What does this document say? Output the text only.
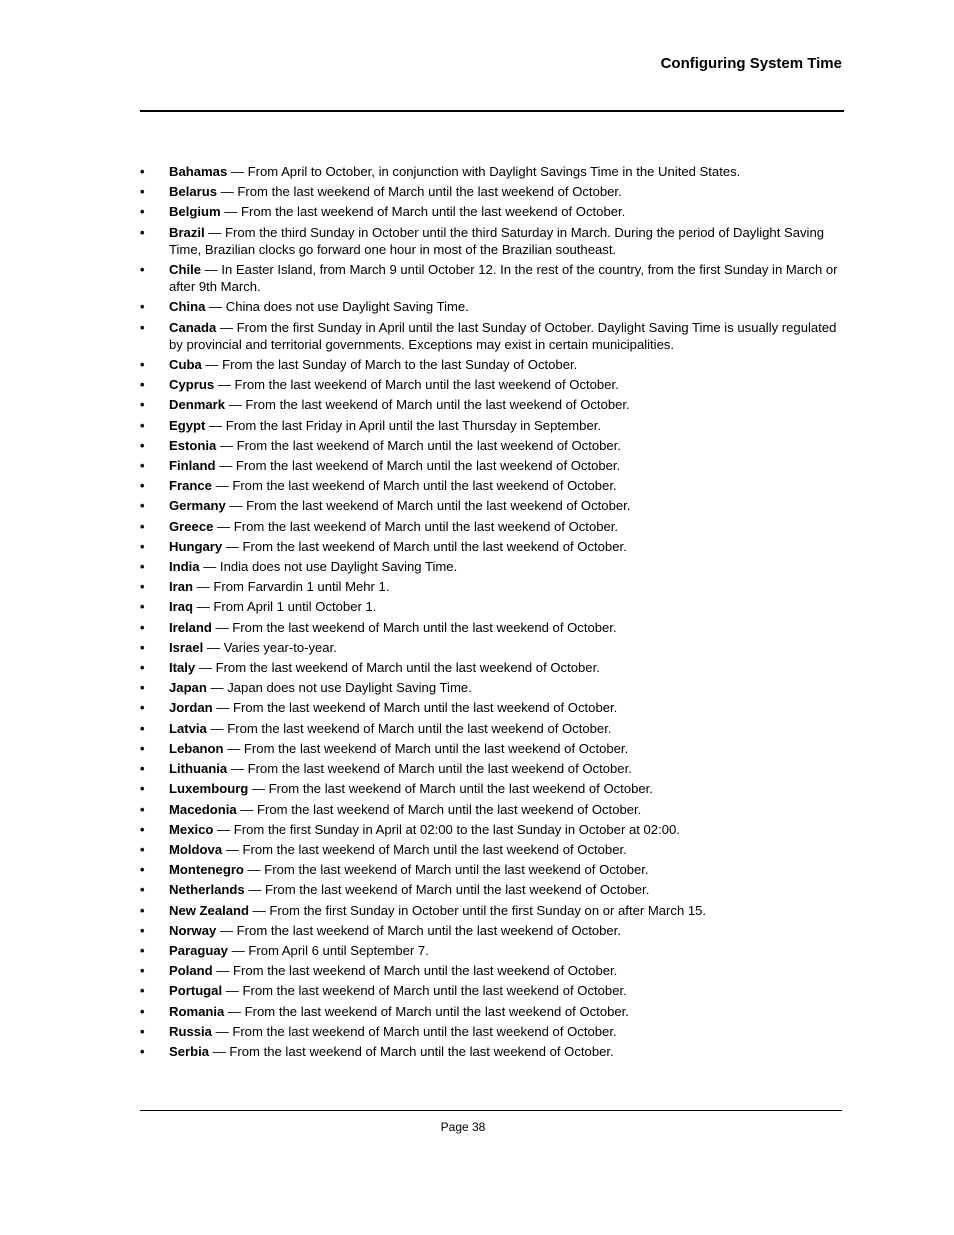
Configuring System Time
• Bahamas — From April to October, in conjunction with Daylight Savings Time in the United States.
• Belarus — From the last weekend of March until the last weekend of October.
• Belgium — From the last weekend of March until the last weekend of October.
• Brazil — From the third Sunday in October until the third Saturday in March. During the period of Daylight Saving Time, Brazilian clocks go forward one hour in most of the Brazilian southeast.
• Chile — In Easter Island, from March 9 until October 12. In the rest of the country, from the first Sunday in March or after 9th March.
• China — China does not use Daylight Saving Time.
• Canada — From the first Sunday in April until the last Sunday of October. Daylight Saving Time is usually regulated by provincial and territorial governments. Exceptions may exist in certain municipalities.
• Cuba — From the last Sunday of March to the last Sunday of October.
• Cyprus — From the last weekend of March until the last weekend of October.
• Denmark — From the last weekend of March until the last weekend of October.
• Egypt — From the last Friday in April until the last Thursday in September.
• Estonia — From the last weekend of March until the last weekend of October.
• Finland — From the last weekend of March until the last weekend of October.
• France — From the last weekend of March until the last weekend of October.
• Germany — From the last weekend of March until the last weekend of October.
• Greece — From the last weekend of March until the last weekend of October.
• Hungary — From the last weekend of March until the last weekend of October.
• India — India does not use Daylight Saving Time.
• Iran — From Farvardin 1 until Mehr 1.
• Iraq — From April 1 until October 1.
• Ireland — From the last weekend of March until the last weekend of October.
• Israel — Varies year-to-year.
• Italy — From the last weekend of March until the last weekend of October.
• Japan — Japan does not use Daylight Saving Time.
• Jordan — From the last weekend of March until the last weekend of October.
• Latvia — From the last weekend of March until the last weekend of October.
• Lebanon — From the last weekend of March until the last weekend of October.
• Lithuania — From the last weekend of March until the last weekend of October.
• Luxembourg — From the last weekend of March until the last weekend of October.
• Macedonia — From the last weekend of March until the last weekend of October.
• Mexico — From the first Sunday in April at 02:00 to the last Sunday in October at 02:00.
• Moldova — From the last weekend of March until the last weekend of October.
• Montenegro — From the last weekend of March until the last weekend of October.
• Netherlands — From the last weekend of March until the last weekend of October.
• New Zealand — From the first Sunday in October until the first Sunday on or after March 15.
• Norway — From the last weekend of March until the last weekend of October.
• Paraguay — From April 6 until September 7.
• Poland — From the last weekend of March until the last weekend of October.
• Portugal — From the last weekend of March until the last weekend of October.
• Romania — From the last weekend of March until the last weekend of October.
• Russia — From the last weekend of March until the last weekend of October.
• Serbia — From the last weekend of March until the last weekend of October.
Page 38
